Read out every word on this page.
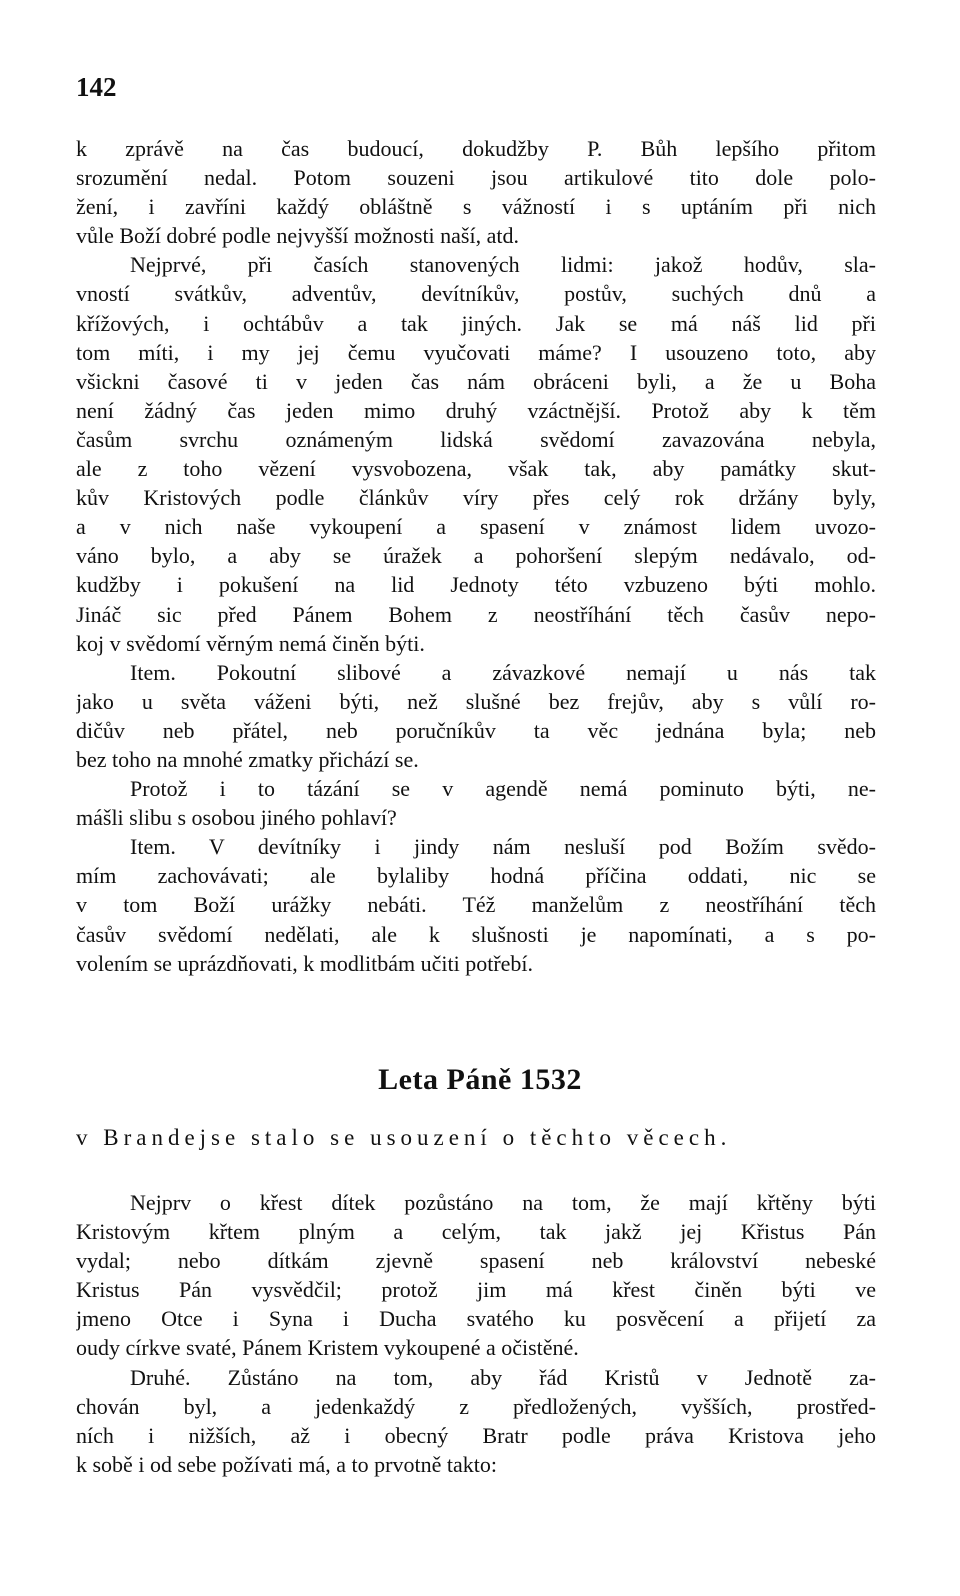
142
k zprávě na čas budoucí, dokudžby P. Bůh lepšího přitom
srozumění nedal. Potom souzeni jsou artikulové tito dole polo-
žení, i zavříni každý obláštně s vážností i s uptáním při nich
vůle Boží dobré podle nejvyšší možnosti naší, atd.
Nejprvé, při časích stanovených lidmi: jakož hodův, sla-
vností svátkův, adventův, devítníkův, postův, suchých dnů a
křížových, i ochtábův a tak jiných. Jak se má náš lid při
tom míti, i my jej čemu vyučovati máme? I usouzeno toto, aby
všickni časové ti v jeden čas nám obráceni byli, a že u Boha
není žádný čas jeden mimo druhý vzáctnější. Protož aby k těm
časům svrchu oznámeným lidská svědomí zavazována nebyla,
ale z toho vězení vysvobozena, však tak, aby památky skut-
kův Kristových podle článkův víry přes celý rok držány byly,
a v nich naše vykoupení a spasení v známost lidem uvozo-
váno bylo, a aby se úražek a pohoršení slepým nedávalo, od-
kudžby i pokušení na lid Jednoty této vzbuzeno býti mohlo.
Jináč sic před Pánem Bohem z neostříhání těch časův nepo-
koj v svědomí věrným nemá činěn býti.
Item. Pokoutní slibové a závazkové nemají u nás tak
jako u světa váženi býti, než slušné bez frejův, aby s vůlí ro-
dičův neb přátel, neb poručníkův ta věc jednána byla; neb
bez toho na mnohé zmatky přichází se.
Protož i to tázání se v agendě nemá pominuto býti, ne-
mášli slibu s osobou jiného pohlaví?
Item. V devítníky i jindy nám nesluší pod Božím svědo-
mím zachovávati; ale bylaliby hodná příčina oddati, nic se
v tom Boží urážky nebáti. Též manželům z neostříhání těch
časův svědomí nedělati, ale k slušnosti je napomínati, a s po-
volením se uprázdňovati, k modlitbám učiti potřebí.
Leta Páně 1532
v Brandejse stalo se usouzení o těchto věcech.
Nejprv o křest dítek pozůstáno na tom, že mají křtěny býti
Kristovým křtem plným a celým, tak jakž jej Křistus Pán
vydal; nebo dítkám zjevně spasení neb království nebeské
Kristus Pán vysvědčil; protož jim má křest činěn býti ve
jmeno Otce i Syna i Ducha svatého ku posvěcení a přijetí za
oudy církve svaté, Pánem Kristem vykoupené a očistěné.
Druhé. Zůstáno na tom, aby řád Kristů v Jednotě za-
chován byl, a jedenkaždý z předložených, vyšších, prostřed-
ních i nižších, až i obecný Bratr podle práva Kristova jeho
k sobě i od sebe požívati má, a to prvotně takto:
